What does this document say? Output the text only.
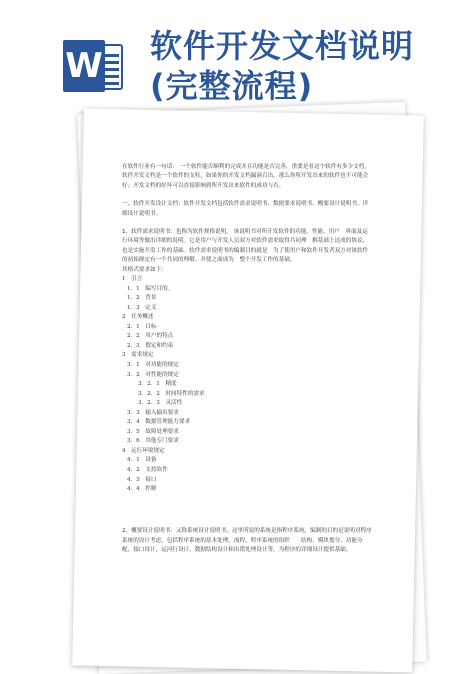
W 软件开发文档说明
(完整流程)

在软件行业有一句话： 一个软件能否顺利的完成并且功能是否完善，重要是看这个软件有多少文档，软件开发文档是一个软件的支柱，如果你的开发文档漏洞百出，那么你所开发出来的软件也不可能会好；开发文档的好坏可以直接影响到所开发出来软件的成功与否。

一、软件开发设计文档：软件开发文档包括软件需求说明书、数据要求说明书、概要设计说明书、详细设计说明书。

1、软件需求说明书：也称为软件规格说明。 该说明书对所开发软件的功能、性能、用户　界面及运行环境等做出详细的说明。它是用户与开发人员双方对软件需求取得共同理　解基础上达成的协议，也是实施开发工作的基础。软件需求说明书的编制目的就是　为了使用户和软件开发者双方对该软件的初始规定有一个共同的理解、并使之面成为　整个开发工作的基础。

其格式要求如下：

1　引言
1．1　编写目的。
1．2　背景
1．3　定义
2　任务概述
2．1　目标
2．2　用户的特点
2．3　假定和约束
3　需求规定
3．1　对功能的规定
3．2　对性能的规定
3．2．1　精度
3．2．2　时间特性的需求
3．2．3　灵活性
3．3　输入输出要求
3．4　数据管理能力要求
3．5　故障处理要求
3．6　其他专门要求
4　运行环境规定
4．1　设备
4．2　支持软件
4．3　接口
4．4　控制

2、概要设计说明书：又称系统设计说明书，这里所说的系统是指程序系统，编制的目的是说明对程序系统的设计考虑，包括程序系统的基本处理，流程，程序系统的组织　　结构、模块划分、功能分配、接口设计，运河行设计、数据结构设计和出错处理设计等，为程序的详细设计提供基础。
